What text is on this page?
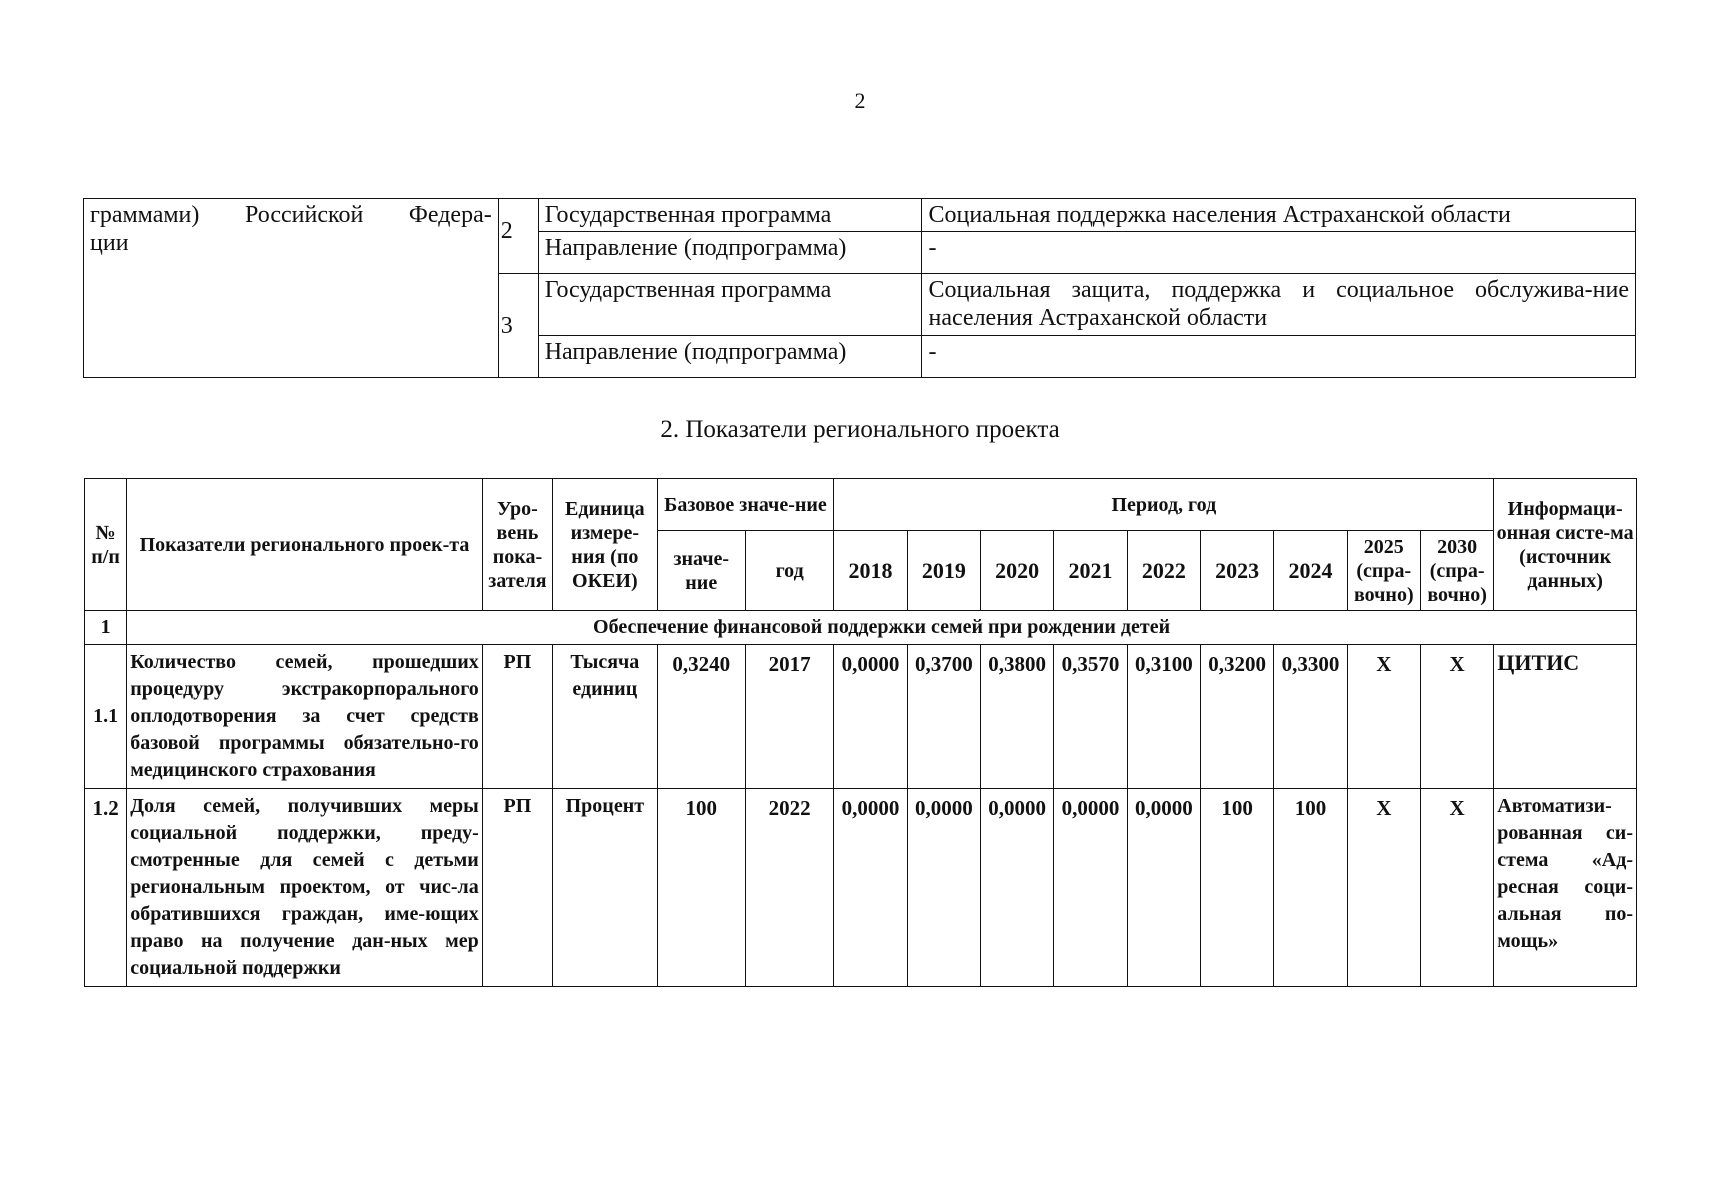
2
граммами) Российской Федера-
ции	2	Государственная программа	Социальная поддержка населения Астраханской области
		Направление (подпрограмма)	-
	3	Государственная программа	Социальная защита, поддержка и социальное обслужива-ние населения Астраханской области
		Направление (подпрограмма)	-
2. Показатели регионального проекта
№ п/п	Показатели регионального проек-та	Уро-вень пока-зателя	Единица измере-ния (по ОКЕИ)	Базовое значе-ние		Период, год									Информаци-онная систе-ма (источник данных)
				значе-ние	год	2018	2019	2020	2021	2022	2023	2024	2025 (спра-вочно)	2030 (спра-вочно)	
1	Обеспечение финансовой поддержки семей при рождении детей														
1.1	Количество семей, прошедших процедуру экстракорпорального оплодотворения за счет средств базовой программы обязательно-го медицинского страхования	РП	Тысяча единиц	0,3240	2017	0,0000	0,3700	0,3800	0,3570	0,3100	0,3200	0,3300	X	X	ЦИТИС
1.2	Доля семей, получивших меры социальной поддержки, преду-смотренные для семей с детьми региональным проектом, от чис-ла обратившихся граждан, име-ющих право на получение дан-ных мер социальной поддержки	РП	Процент	100	2022	0,0000	0,0000	0,0000	0,0000	0,0000	100	100	X	X	Автоматизи-рованная си-стема «Ад-ресная соци-альная по-мощь»
